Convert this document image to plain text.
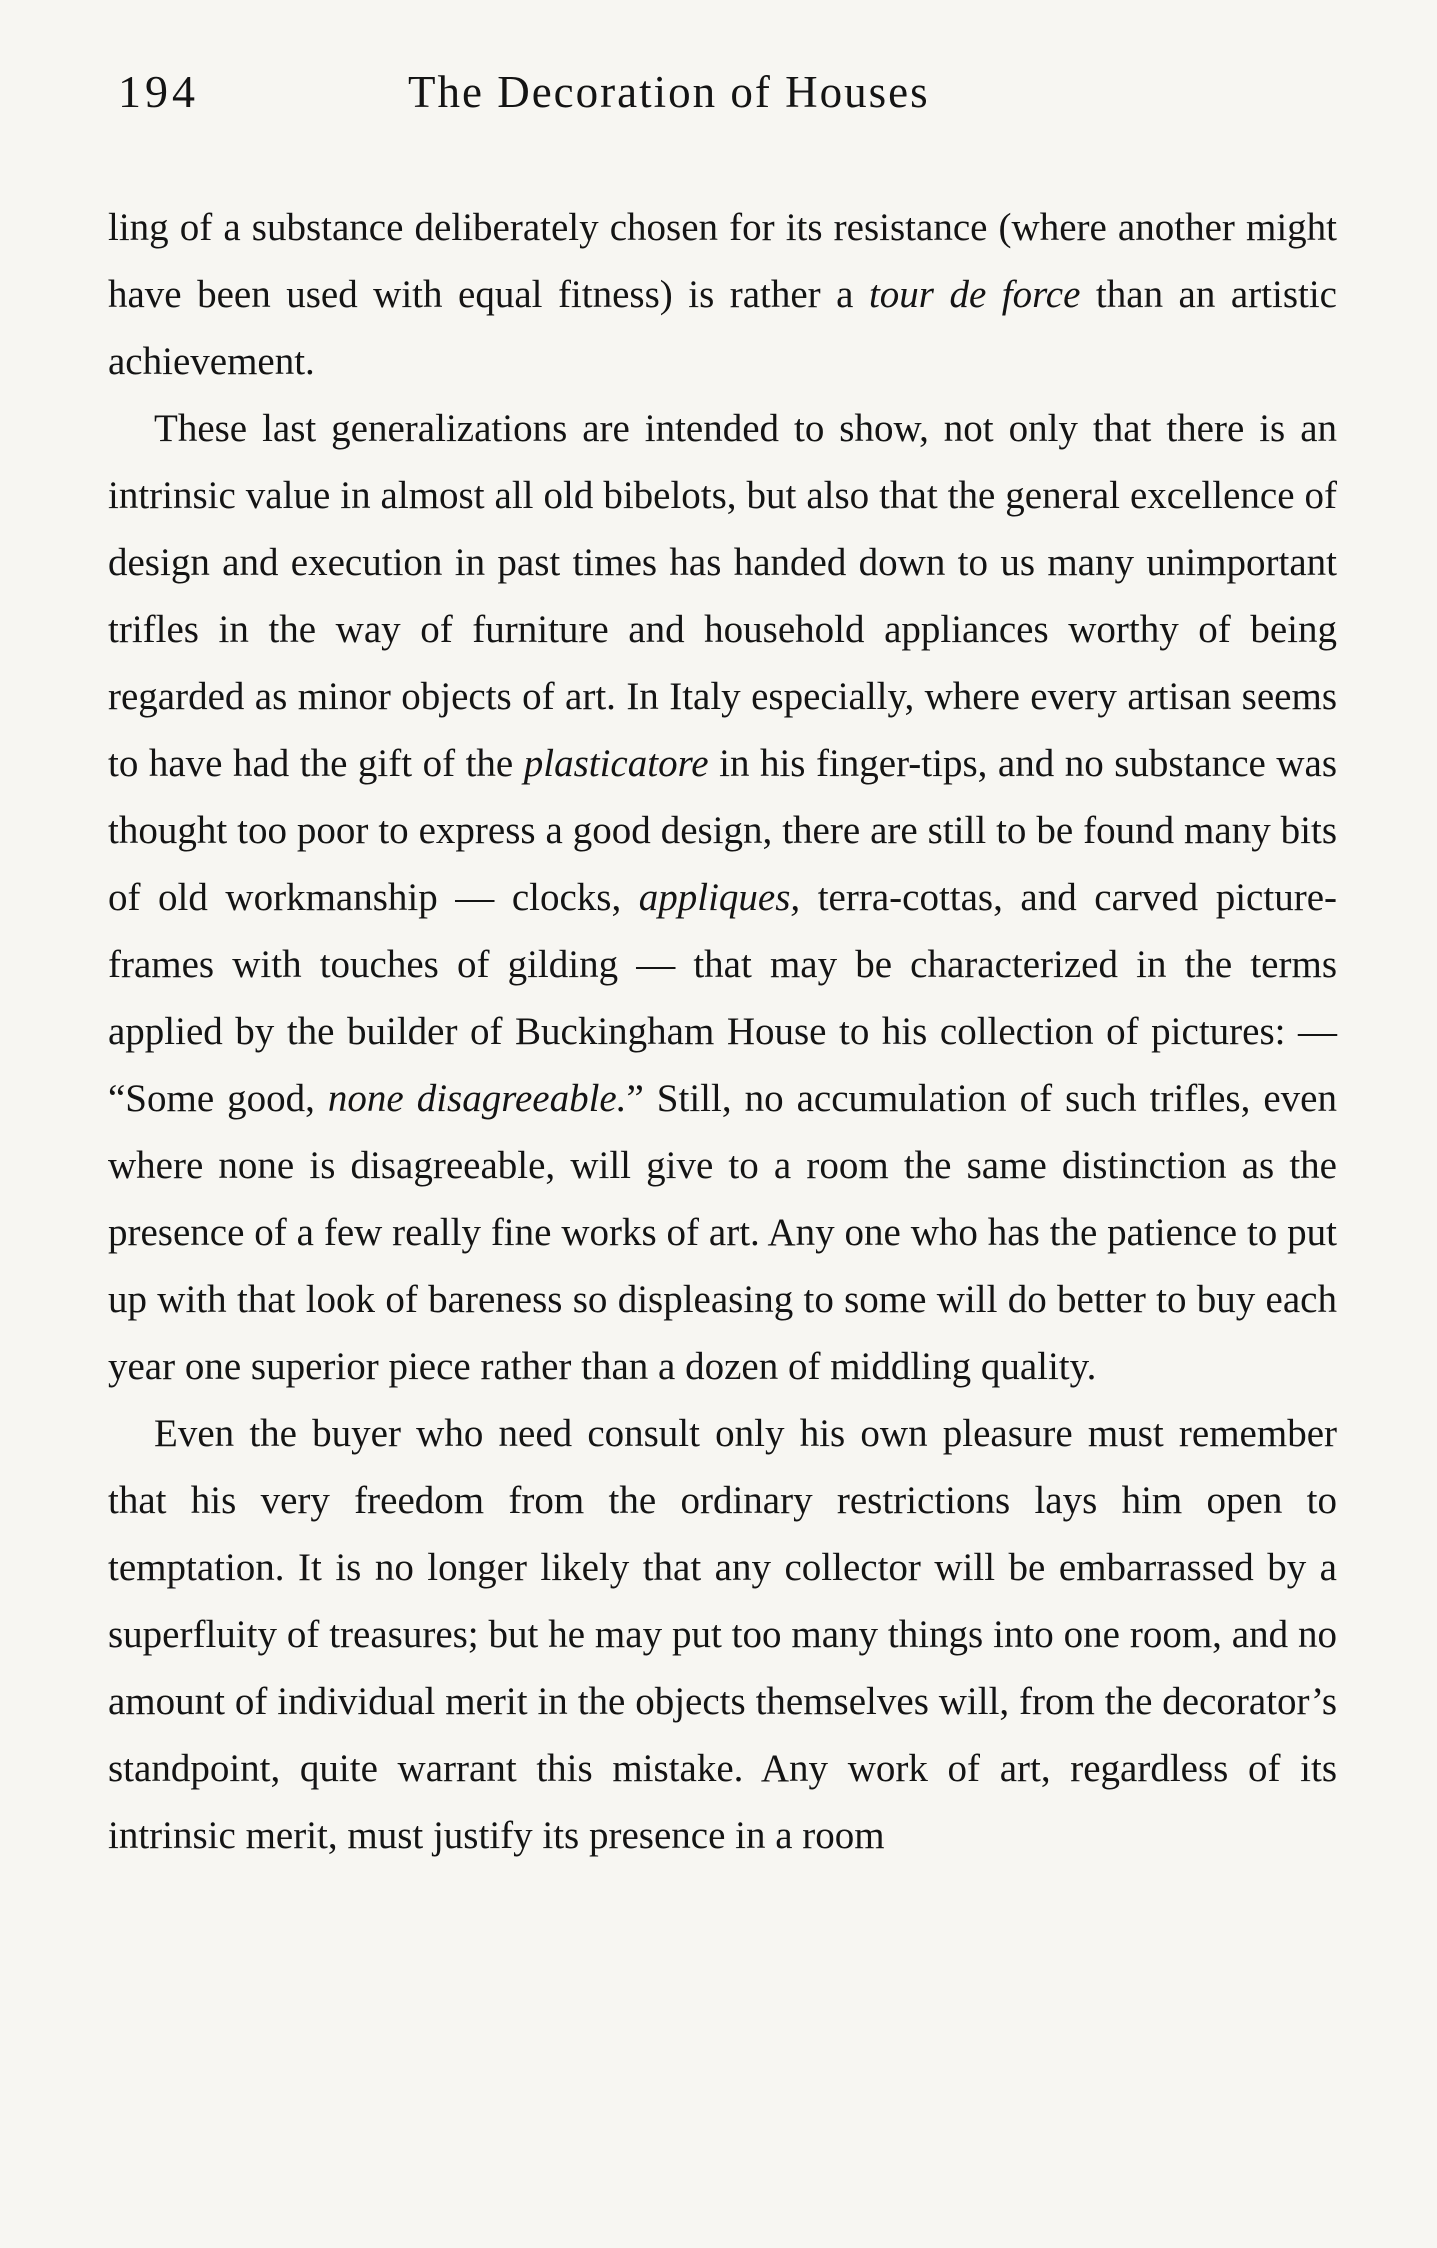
194	The Decoration of Houses

ling of a substance deliberately chosen for its resistance (where another might have been used with equal fitness) is rather a tour de force than an artistic achievement.

These last generalizations are intended to show, not only that there is an intrinsic value in almost all old bibelots, but also that the general excellence of design and execution in past times has handed down to us many unimportant trifles in the way of furniture and household appliances worthy of being regarded as minor objects of art. In Italy especially, where every artisan seems to have had the gift of the plasticatore in his finger-tips, and no substance was thought too poor to express a good design, there are still to be found many bits of old workmanship — clocks, appliques, terra-cottas, and carved picture-frames with touches of gilding — that may be characterized in the terms applied by the builder of Buckingham House to his collection of pictures: — “Some good, none disagreeable.” Still, no accumulation of such trifles, even where none is disagreeable, will give to a room the same distinction as the presence of a few really fine works of art. Any one who has the patience to put up with that look of bareness so displeasing to some will do better to buy each year one superior piece rather than a dozen of middling quality.

Even the buyer who need consult only his own pleasure must remember that his very freedom from the ordinary restrictions lays him open to temptation. It is no longer likely that any collector will be embarrassed by a superfluity of treasures; but he may put too many things into one room, and no amount of individual merit in the objects themselves will, from the decorator’s standpoint, quite warrant this mistake. Any work of art, regardless of its intrinsic merit, must justify its presence in a room
